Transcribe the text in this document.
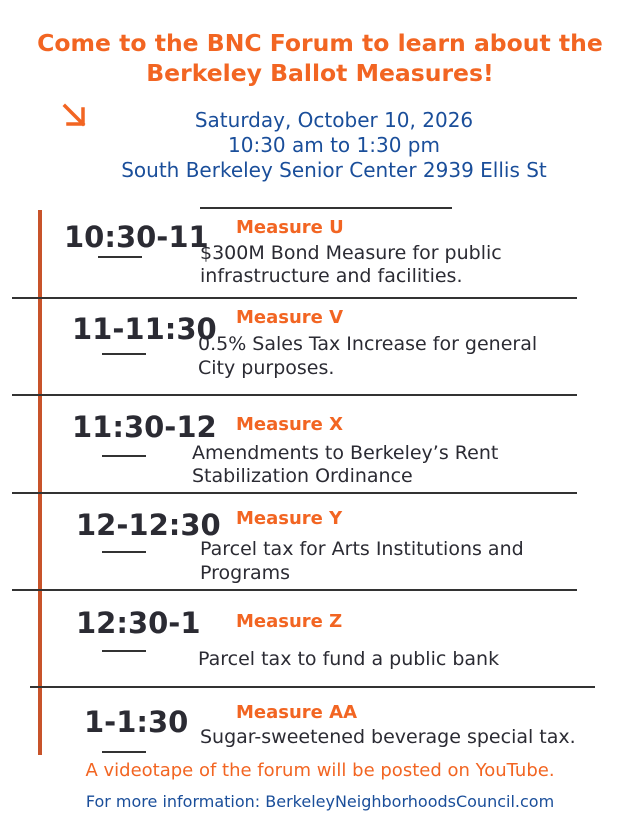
Come to the BNC Forum to learn about the
Berkeley Ballot Measures!
Saturday, October 10, 2026
10:30 am to 1:30 pm
South Berkeley Senior Center 2939 Ellis St
10:30-11 Measure U
$300M Bond Measure for public
infrastructure and facilities.
11-11:30 Measure V
0.5% Sales Tax Increase for general
City purposes.
11:30-12 Measure X
Amendments to Berkeley’s Rent
Stabilization Ordinance
12-12:30 Measure Y
Parcel tax for Arts Institutions and
Programs
12:30-1 Measure Z
Parcel tax to fund a public bank
1-1:30	Measure AA
Sugar-sweetened beverage special tax.
A videotape of the forum will be posted on YouTube.
For more information: BerkeleyNeighborhoodsCouncil.com
